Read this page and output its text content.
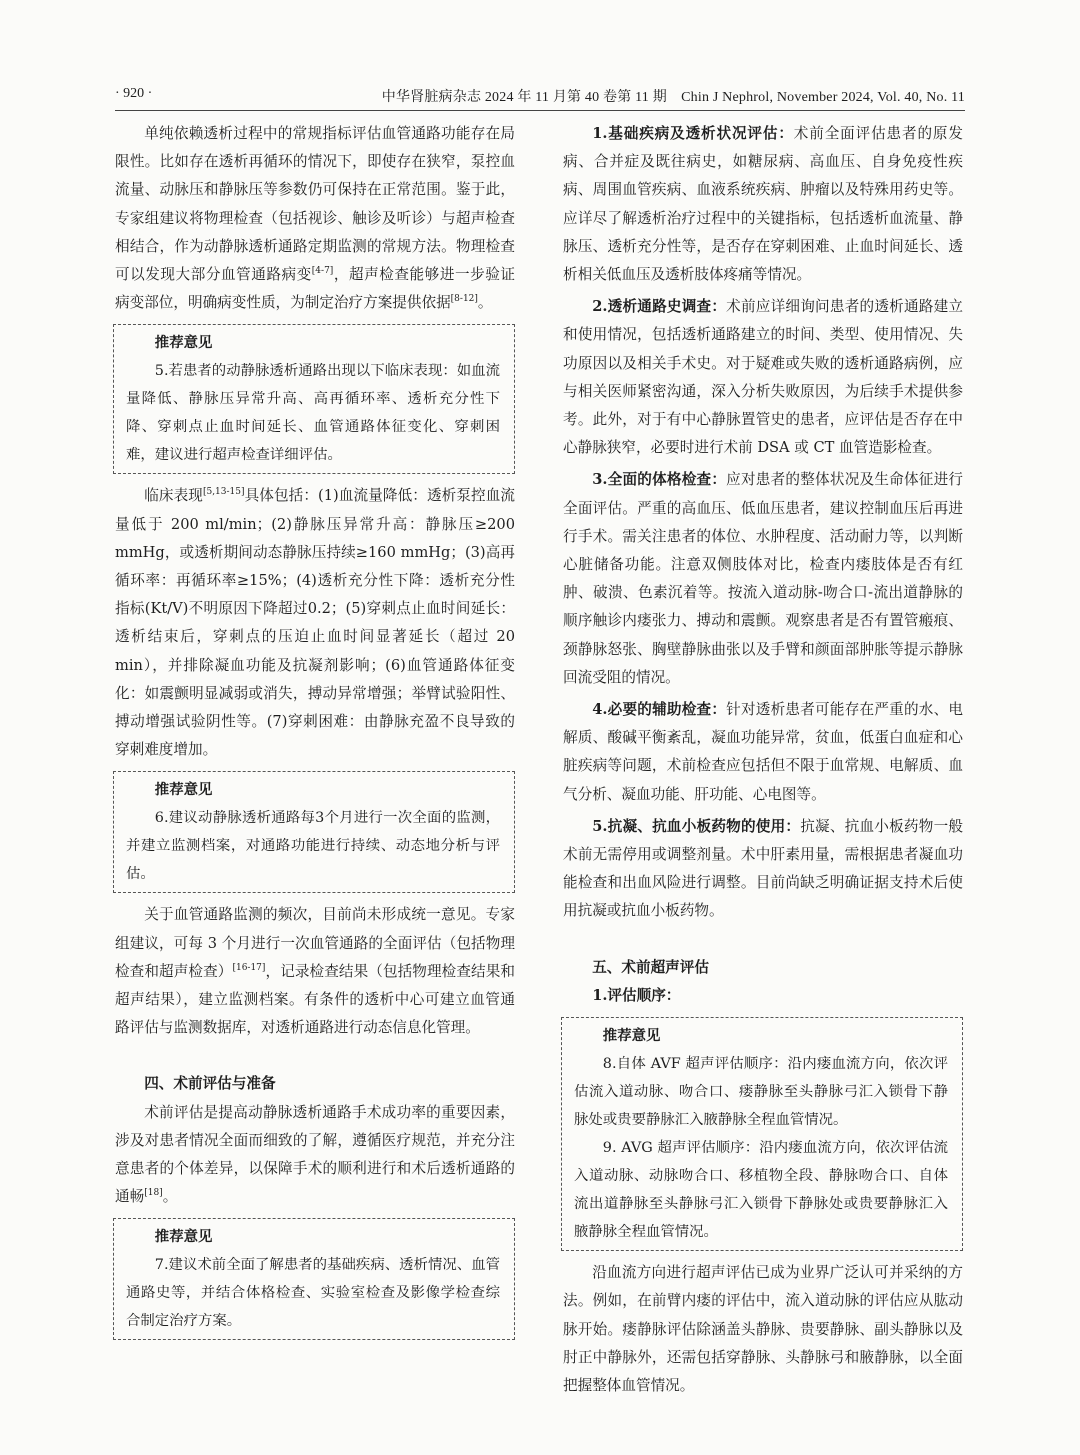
· 920 ·	中华肾脏病杂志 2024 年 11 月第 40 卷第 11 期　Chin J Nephrol, November 2024, Vol. 40, No. 11

单纯依赖透析过程中的常规指标评估血管通路功能存在局限性。比如存在透析再循环的情况下，即使存在狭窄，泵控血流量、动脉压和静脉压等参数仍可保持在正常范围。鉴于此，专家组建议将物理检查（包括视诊、触诊及听诊）与超声检查相结合，作为动静脉透析通路定期监测的常规方法。物理检查可以发现大部分血管通路病变[4-7]，超声检查能够进一步验证病变部位，明确病变性质，为制定治疗方案提供依据[8-12]。

推荐意见

5.若患者的动静脉透析通路出现以下临床表现：如血流量降低、静脉压异常升高、高再循环率、透析充分性下降、穿刺点止血时间延长、血管通路体征变化、穿刺困难，建议进行超声检查详细评估。

临床表现[5,13-15]具体包括：(1)血流量降低：透析泵控血流量低于 200 ml/min；(2)静脉压异常升高：静脉压≥200 mmHg，或透析期间动态静脉压持续≥160 mmHg；(3)高再循环率：再循环率≥15%；(4)透析充分性下降：透析充分性指标(Kt/V)不明原因下降超过0.2；(5)穿刺点止血时间延长：透析结束后，穿刺点的压迫止血时间显著延长（超过 20 min），并排除凝血功能及抗凝剂影响；(6)血管通路体征变化：如震颤明显减弱或消失，搏动异常增强；举臂试验阳性、搏动增强试验阴性等。(7)穿刺困难：由静脉充盈不良导致的穿刺难度增加。

推荐意见

6.建议动静脉透析通路每3个月进行一次全面的监测，并建立监测档案，对通路功能进行持续、动态地分析与评估。

关于血管通路监测的频次，目前尚未形成统一意见。专家组建议，可每 3 个月进行一次血管通路的全面评估（包括物理检查和超声检查）[16-17]，记录检查结果（包括物理检查结果和超声结果），建立监测档案。有条件的透析中心可建立血管通路评估与监测数据库，对透析通路进行动态信息化管理。

四、术前评估与准备

术前评估是提高动静脉透析通路手术成功率的重要因素，涉及对患者情况全面而细致的了解，遵循医疗规范，并充分注意患者的个体差异，以保障手术的顺利进行和术后透析通路的通畅[18]。

推荐意见

7.建议术前全面了解患者的基础疾病、透析情况、血管通路史等，并结合体格检查、实验室检查及影像学检查综合制定治疗方案。

1.基础疾病及透析状况评估：术前全面评估患者的原发病、合并症及既往病史，如糖尿病、高血压、自身免疫性疾病、周围血管疾病、血液系统疾病、肿瘤以及特殊用药史等。应详尽了解透析治疗过程中的关键指标，包括透析血流量、静脉压、透析充分性等，是否存在穿刺困难、止血时间延长、透析相关低血压及透析肢体疼痛等情况。

2.透析通路史调查：术前应详细询问患者的透析通路建立和使用情况，包括透析通路建立的时间、类型、使用情况、失功原因以及相关手术史。对于疑难或失败的透析通路病例，应与相关医师紧密沟通，深入分析失败原因，为后续手术提供参考。此外，对于有中心静脉置管史的患者，应评估是否存在中心静脉狭窄，必要时进行术前 DSA 或 CT 血管造影检查。

3.全面的体格检查：应对患者的整体状况及生命体征进行全面评估。严重的高血压、低血压患者，建议控制血压后再进行手术。需关注患者的体位、水肿程度、活动耐力等，以判断心脏储备功能。注意双侧肢体对比，检查内瘘肢体是否有红肿、破溃、色素沉着等。按流入道动脉-吻合口-流出道静脉的顺序触诊内瘘张力、搏动和震颤。观察患者是否有置管瘢痕、颈静脉怒张、胸壁静脉曲张以及手臂和颜面部肿胀等提示静脉回流受阻的情况。

4.必要的辅助检查：针对透析患者可能存在严重的水、电解质、酸碱平衡紊乱，凝血功能异常，贫血，低蛋白血症和心脏疾病等问题，术前检查应包括但不限于血常规、电解质、血气分析、凝血功能、肝功能、心电图等。

5.抗凝、抗血小板药物的使用：抗凝、抗血小板药物一般术前无需停用或调整剂量。术中肝素用量，需根据患者凝血功能检查和出血风险进行调整。目前尚缺乏明确证据支持术后使用抗凝或抗血小板药物。

五、术前超声评估

1.评估顺序：

推荐意见

8.自体 AVF 超声评估顺序：沿内瘘血流方向，依次评估流入道动脉、吻合口、瘘静脉至头静脉弓汇入锁骨下静脉处或贵要静脉汇入腋静脉全程血管情况。

9. AVG 超声评估顺序：沿内瘘血流方向，依次评估流入道动脉、动脉吻合口、移植物全段、静脉吻合口、自体流出道静脉至头静脉弓汇入锁骨下静脉处或贵要静脉汇入腋静脉全程血管情况。

沿血流方向进行超声评估已成为业界广泛认可并采纳的方法。例如，在前臂内瘘的评估中，流入道动脉的评估应从肱动脉开始。瘘静脉评估除涵盖头静脉、贵要静脉、副头静脉以及肘正中静脉外，还需包括穿静脉、头静脉弓和腋静脉，以全面把握整体血管情况。
